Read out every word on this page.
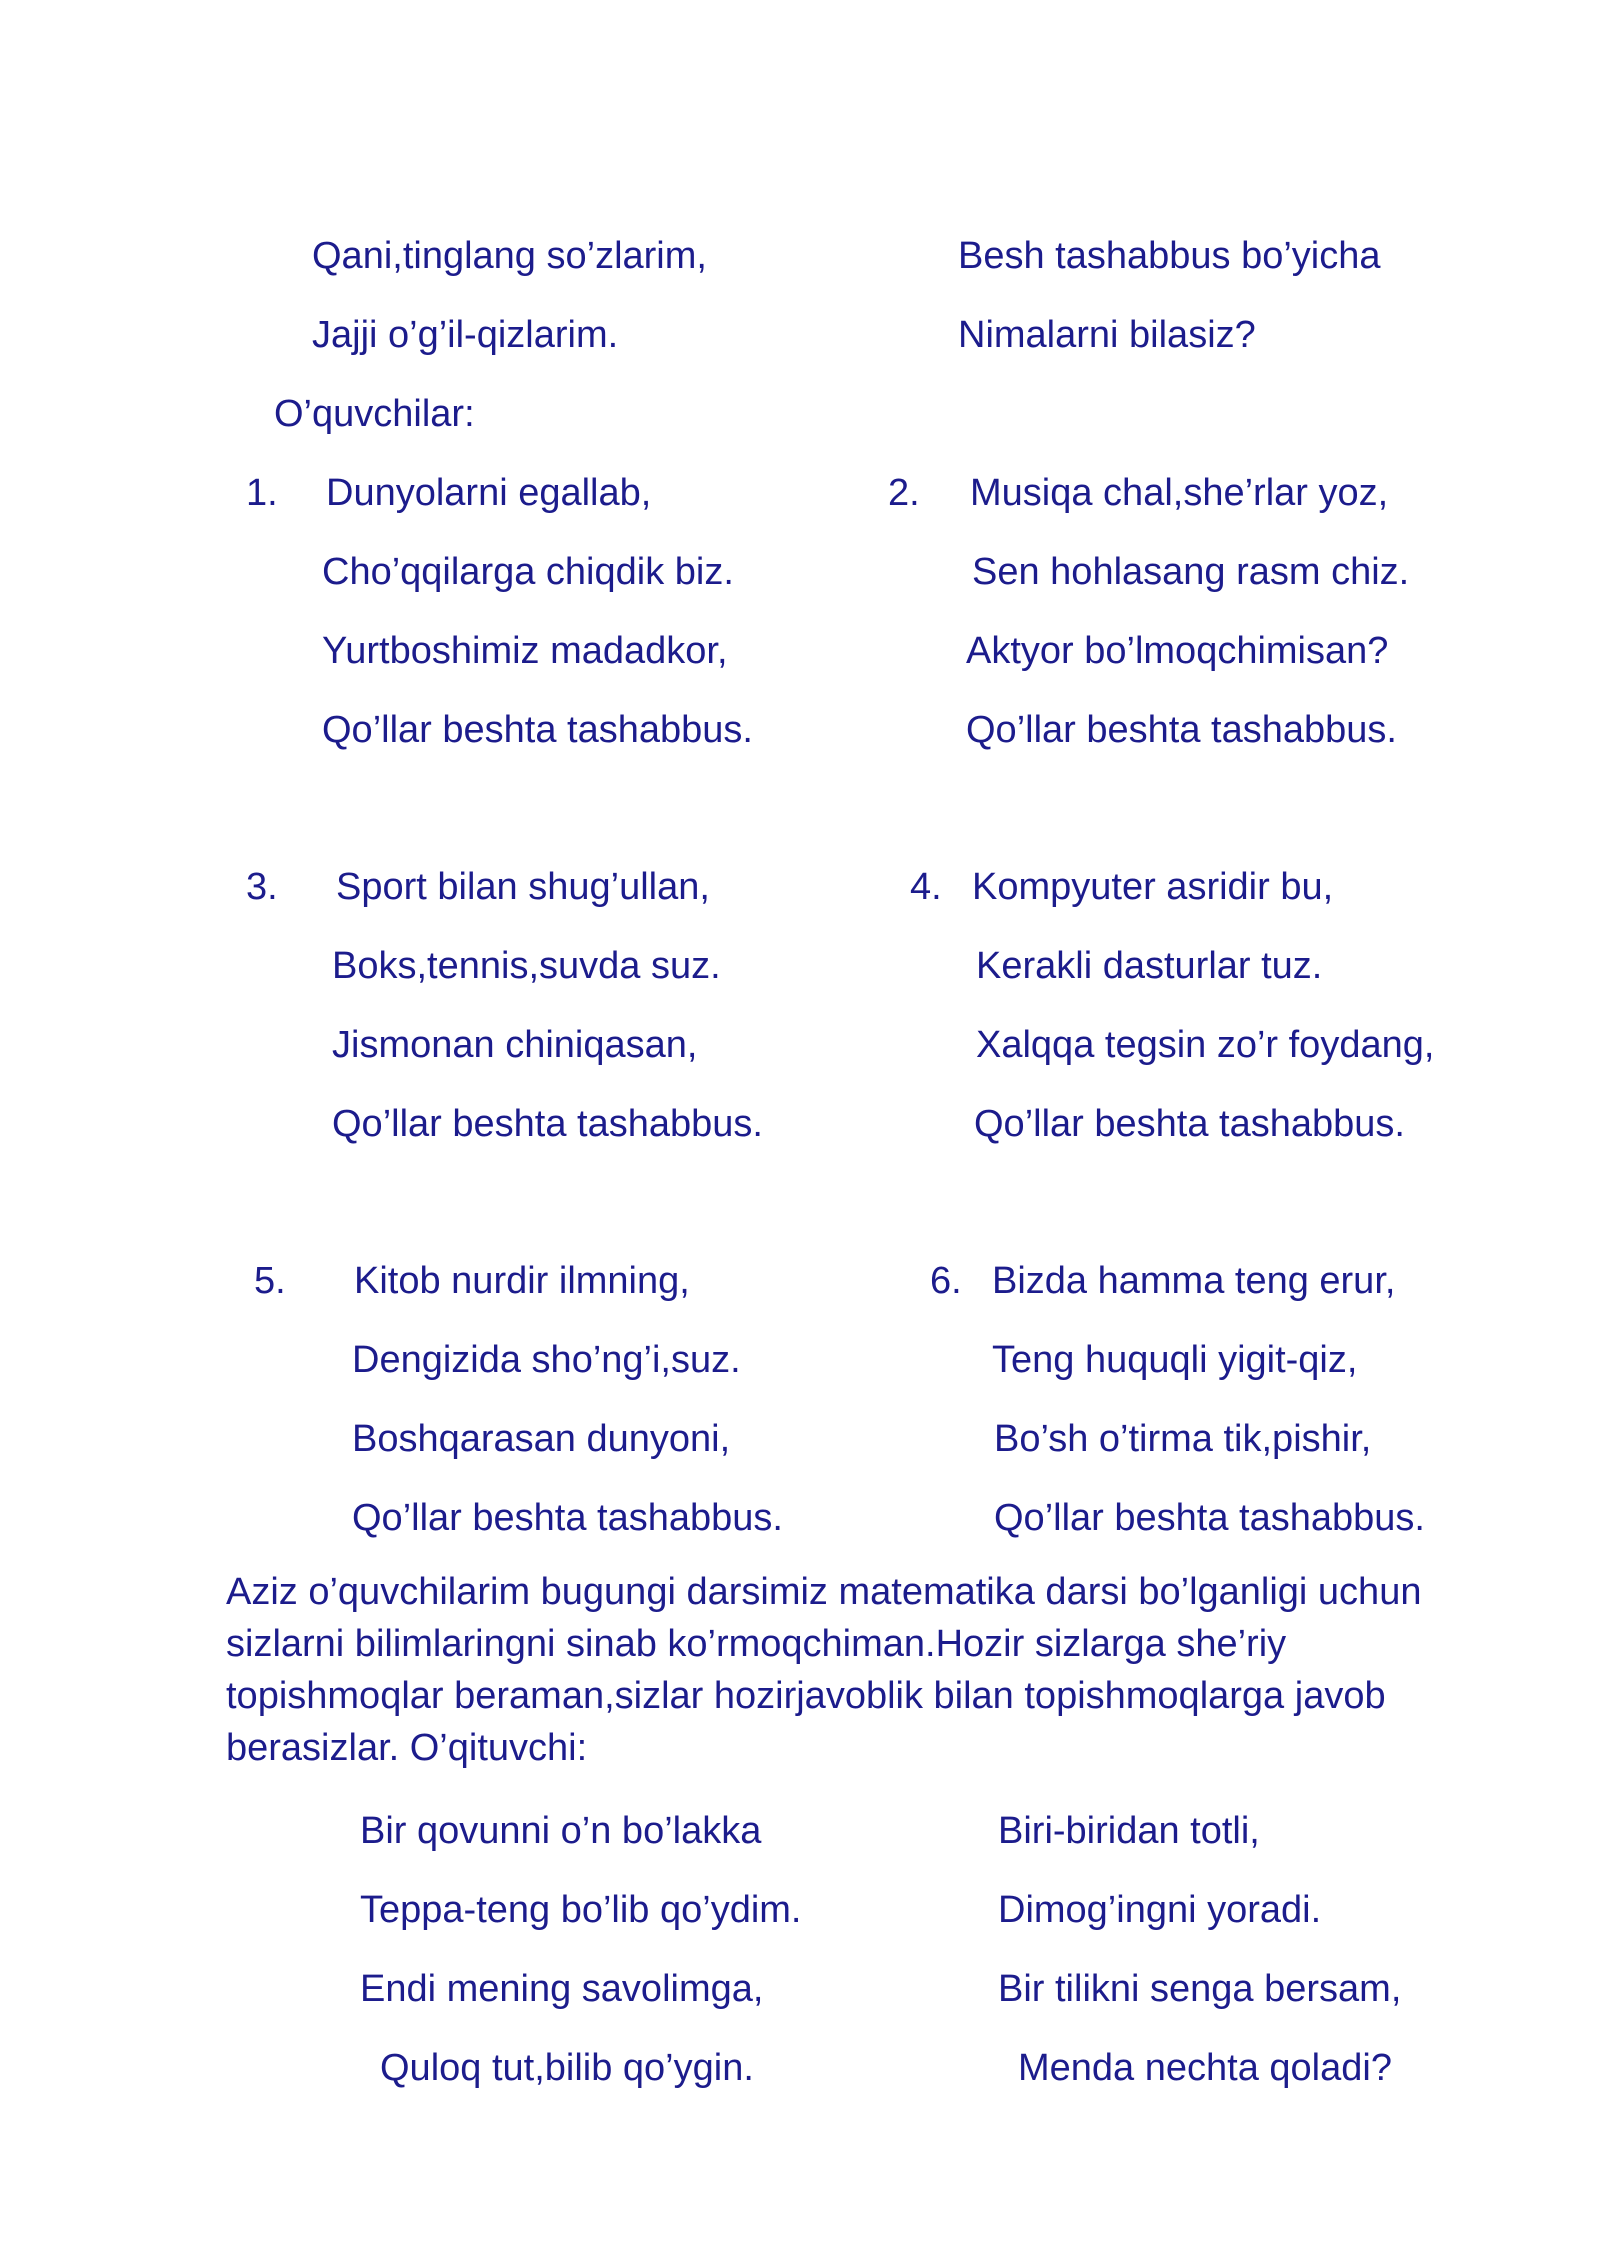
Qani,tinglang so’zlarim,
Jajji o’g’il-qizlarim.
Besh tashabbus bo’yicha
Nimalarni bilasiz?
O’quvchilar:
1. Dunyolarni egallab,
Cho’qqilarga chiqdik biz.
Yurtboshimiz madadkor,
Qo’llar beshta tashabbus.
2. Musiqa chal,she’rlar yoz,
Sen hohlasang rasm chiz.
Aktyor bo’lmoqchimisan?
Qo’llar beshta tashabbus.
3. Sport bilan shug’ullan,
Boks,tennis,suvda suz.
Jismonan chiniqasan,
Qo’llar beshta tashabbus.
4. Kompyuter asridir bu,
Kerakli dasturlar tuz.
Xalqqa tegsin zo’r foydang,
Qo’llar beshta tashabbus.
5. Kitob nurdir ilmning,
Dengizida sho’ng’i,suz.
Boshqarasan dunyoni,
Qo’llar beshta tashabbus.
6. Bizda hamma teng erur,
Teng huquqli yigit-qiz,
Bo’sh o’tirma tik,pishir,
Qo’llar beshta tashabbus.
Aziz o’quvchilarim bugungi darsimiz matematika darsi bo’lganligi uchun sizlarni bilimlaringni sinab ko’rmoqchiman.Hozir sizlarga she’riy topishmoqlar beraman,sizlar hozirjavoblik bilan topishmoqlarga javob berasizlar. O’qituvchi:
Bir qovunni o’n bo’lakka
Teppa-teng bo’lib qo’ydim.
Endi mening savolimga,
Quloq tut,bilib qo’ygin.
Biri-biridan totli,
Dimog’ingni yoradi.
Bir tilikni senga bersam,
Menda nechta qoladi?
